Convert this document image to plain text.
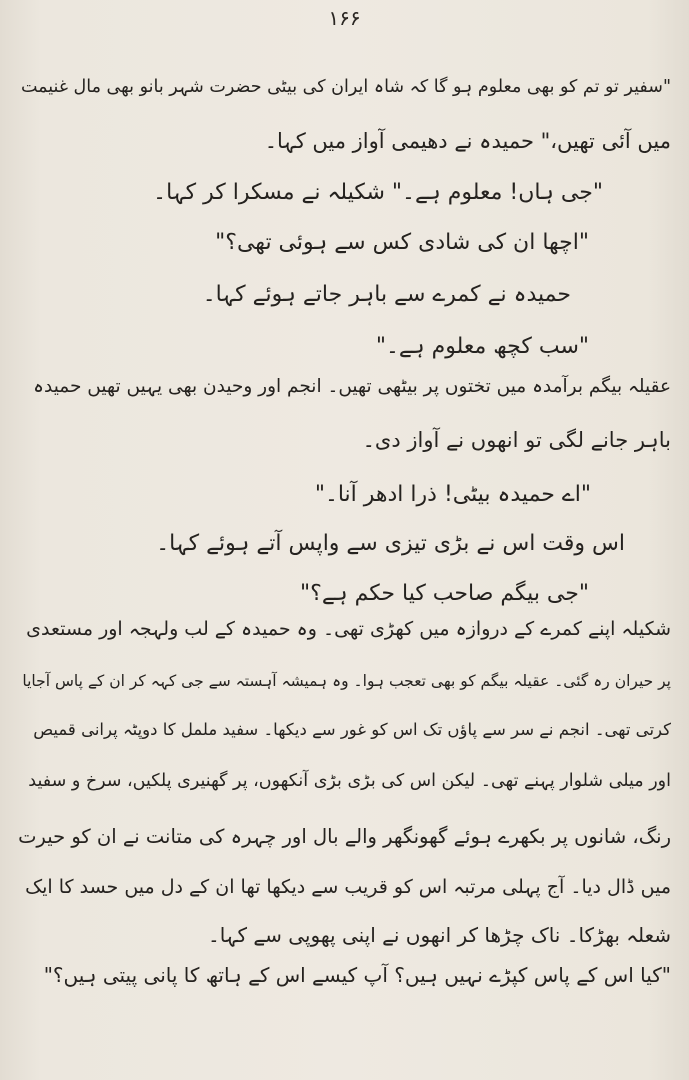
۱۶۶
"سفیر تو تم کو بھی معلوم ہو گا کہ شاہ ایران کی بیٹی حضرت شہر بانو بھی مال غنیمت
میں آئی تھیں،" حمیدہ نے دھیمی آواز میں کہا۔
"جی ہاں! معلوم ہے۔" شکیلہ نے مسکرا کر کہا۔
"اچھا ان کی شادی کس سے ہوئی تھی؟"
حمیدہ نے کمرے سے باہر جاتے ہوئے کہا۔
"سب کچھ معلوم ہے۔"
عقیلہ بیگم برآمدہ میں تختوں پر بیٹھی تھیں۔ انجم اور وحیدن بھی یہیں تھیں حمیدہ
باہر جانے لگی تو انھوں نے آواز دی۔
"اے حمیدہ بیٹی! ذرا ادھر آنا۔"
اس وقت اس نے بڑی تیزی سے واپس آتے ہوئے کہا۔
"جی بیگم صاحب کیا حکم ہے؟"
شکیلہ اپنے کمرے کے دروازہ میں کھڑی تھی۔ وہ حمیدہ کے لب ولہجہ اور مستعدی
پر حیران رہ گئی۔ عقیلہ بیگم کو بھی تعجب ہوا۔ وہ ہمیشہ آہستہ سے جی کہہ کر ان کے پاس آجایا
کرتی تھی۔ انجم نے سر سے پاؤں تک اس کو غور سے دیکھا۔ سفید ململ کا دوپٹہ پرانی قمیص
اور میلی شلوار پہنے تھی۔ لیکن اس کی بڑی بڑی آنکھوں، پر گھنیری پلکیں، سرخ و سفید
رنگ، شانوں پر بکھرے ہوئے گھونگھر والے بال اور چہرہ کی متانت نے ان کو حیرت
میں ڈال دیا۔ آج پہلی مرتبہ اس کو قریب سے دیکھا تھا ان کے دل میں حسد کا ایک
شعلہ بھڑکا۔ ناک چڑھا کر انھوں نے اپنی پھوپی سے کہا۔
"کیا اس کے پاس کپڑے نہیں ہیں؟ آپ کیسے اس کے ہاتھ کا پانی پیتی ہیں؟"
